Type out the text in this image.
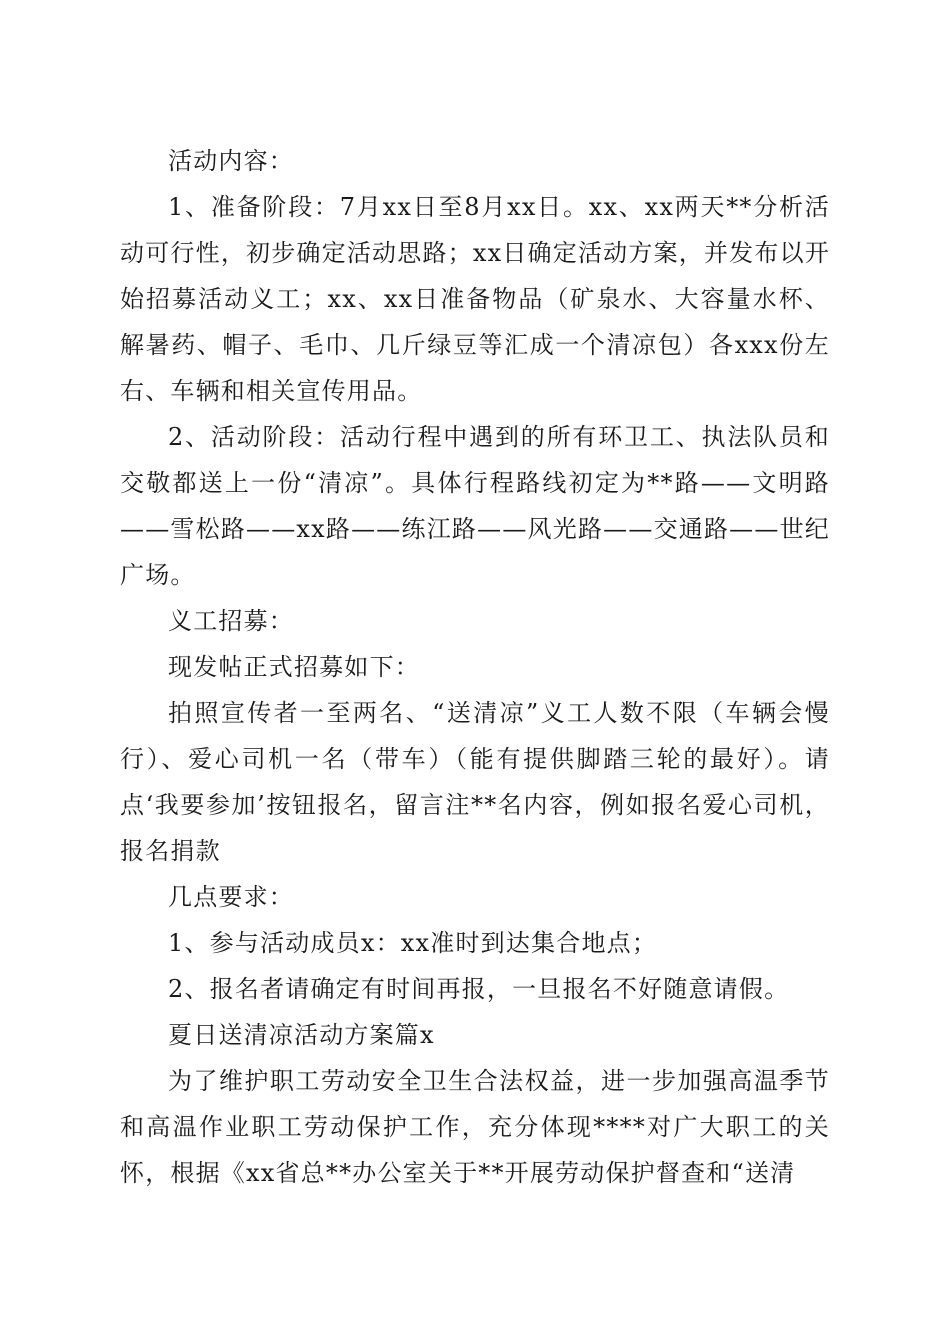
活动内容：

1、准备阶段：7月xx日至8月xx日。xx、xx两天**分析活动可行性，初步确定活动思路；xx日确定活动方案，并发布以开始招募活动义工；xx、xx日准备物品（矿泉水、大容量水杯、解暑药、帽子、毛巾、几斤绿豆等汇成一个清凉包）各xxx份左右、车辆和相关宣传用品。

2、活动阶段：活动行程中遇到的所有环卫工、执法队员和交敬都送上一份“清凉”。具体行程路线初定为**路——文明路——雪松路——xx路——练江路——风光路——交通路——世纪广场。

义工招募：

现发帖正式招募如下：

拍照宣传者一至两名、“送清凉”义工人数不限（车辆会慢行）、爱心司机一名（带车）（能有提供脚踏三轮的最好）。请点‘我要参加’按钮报名，留言注**名内容，例如报名爱心司机，报名捐款

几点要求：

1、参与活动成员x：xx准时到达集合地点；

2、报名者请确定有时间再报，一旦报名不好随意请假。

夏日送清凉活动方案篇x

为了维护职工劳动安全卫生合法权益，进一步加强高温季节和高温作业职工劳动保护工作，充分体现****对广大职工的关怀，根据《xx省总**办公室关于**开展劳动保护督查和“送清
